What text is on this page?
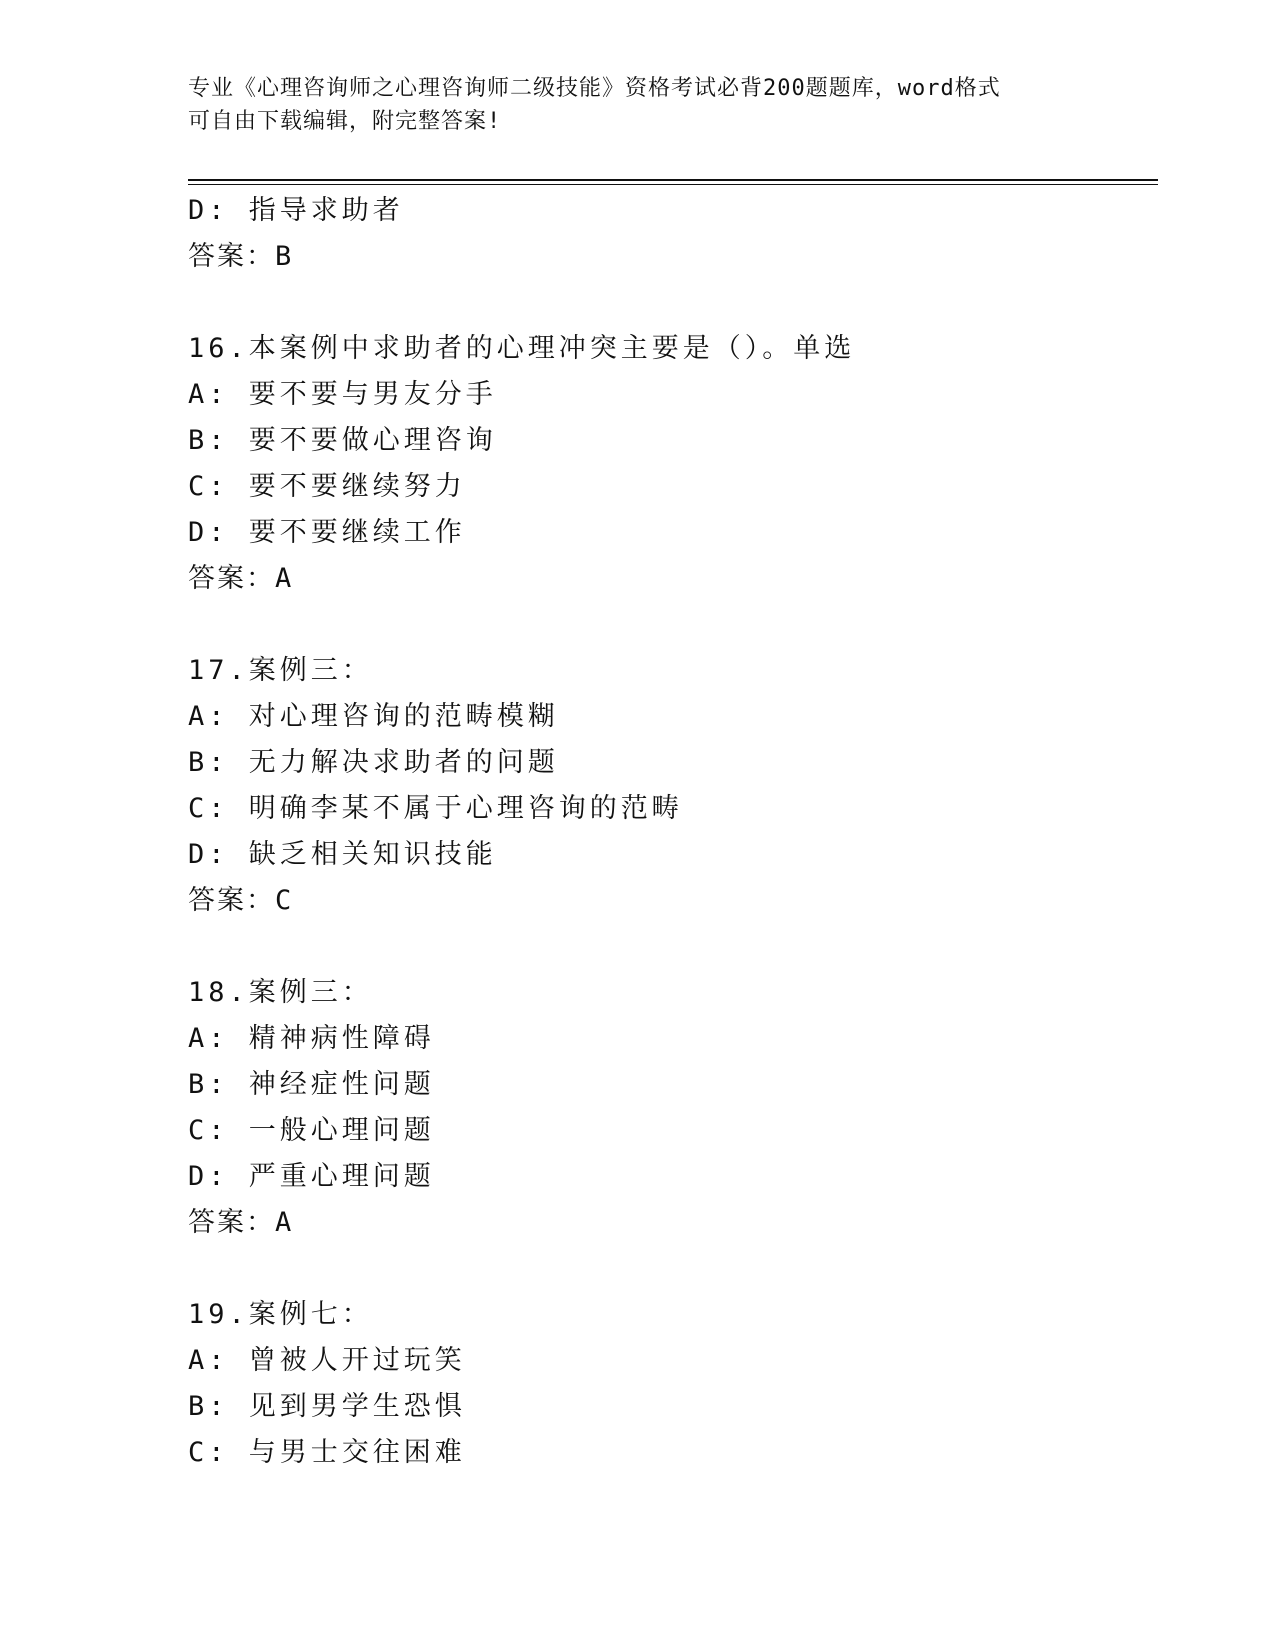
专业《心理咨询师之心理咨询师二级技能》资格考试必背200题题库，word格式
可自由下载编辑，附完整答案!
D: 指导求助者
答案：B
16.本案例中求助者的心理冲突主要是（）。单选
A: 要不要与男友分手
B: 要不要做心理咨询
C: 要不要继续努力
D: 要不要继续工作
答案：A
17.案例三：
A: 对心理咨询的范畴模糊
B: 无力解决求助者的问题
C: 明确李某不属于心理咨询的范畴
D: 缺乏相关知识技能
答案：C
18.案例三：
A: 精神病性障碍
B: 神经症性问题
C: 一般心理问题
D: 严重心理问题
答案：A
19.案例七：
A: 曾被人开过玩笑
B: 见到男学生恐惧
C: 与男士交往困难
